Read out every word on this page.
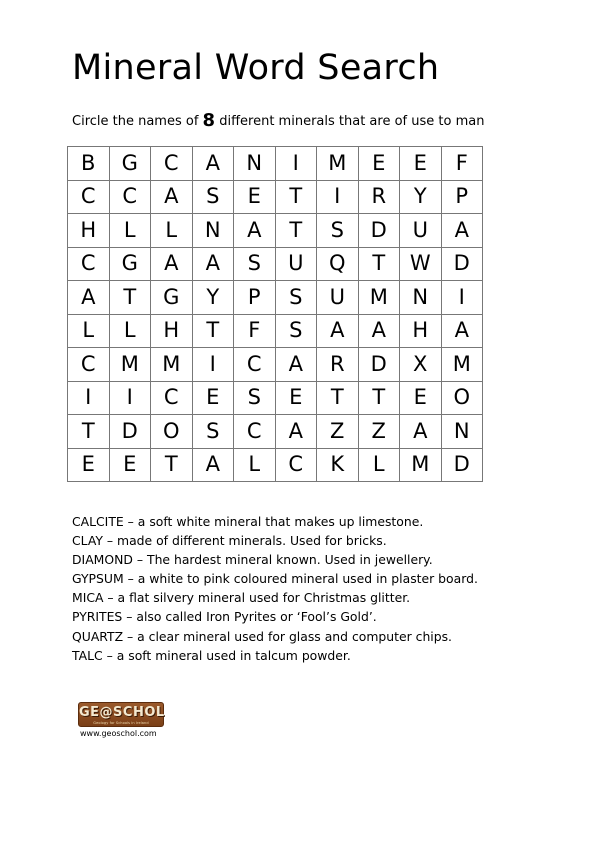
Mineral Word Search
Circle the names of 8 different minerals that are of use to man
B	G	C	A	N	I	M	E	E	F
C	C	A	S	E	T	I	R	Y	P
H	L	L	N	A	T	S	D	U	A
C	G	A	A	S	U	Q	T	W	D
A	T	G	Y	P	S	U	M	N	I
L	L	H	T	F	S	A	A	H	A
C	M	M	I	C	A	R	D	X	M
I	I	C	E	S	E	T	T	E	O
T	D	O	S	C	A	Z	Z	A	N
E	E	T	A	L	C	K	L	M	D
CALCITE – a soft white mineral that makes up limestone.
CLAY – made of different minerals. Used for bricks.
DIAMOND – The hardest mineral known. Used in jewellery.
GYPSUM – a white to pink coloured mineral used in plaster board.
MICA – a flat silvery mineral used for Christmas glitter.
PYRITES – also called Iron Pyrites or ‘Fool’s Gold’.
QUARTZ – a clear mineral used for glass and computer chips.
TALC – a soft mineral used in talcum powder.
GE@SCHOL
Geology for Schools in Ireland
www.geoschol.com
